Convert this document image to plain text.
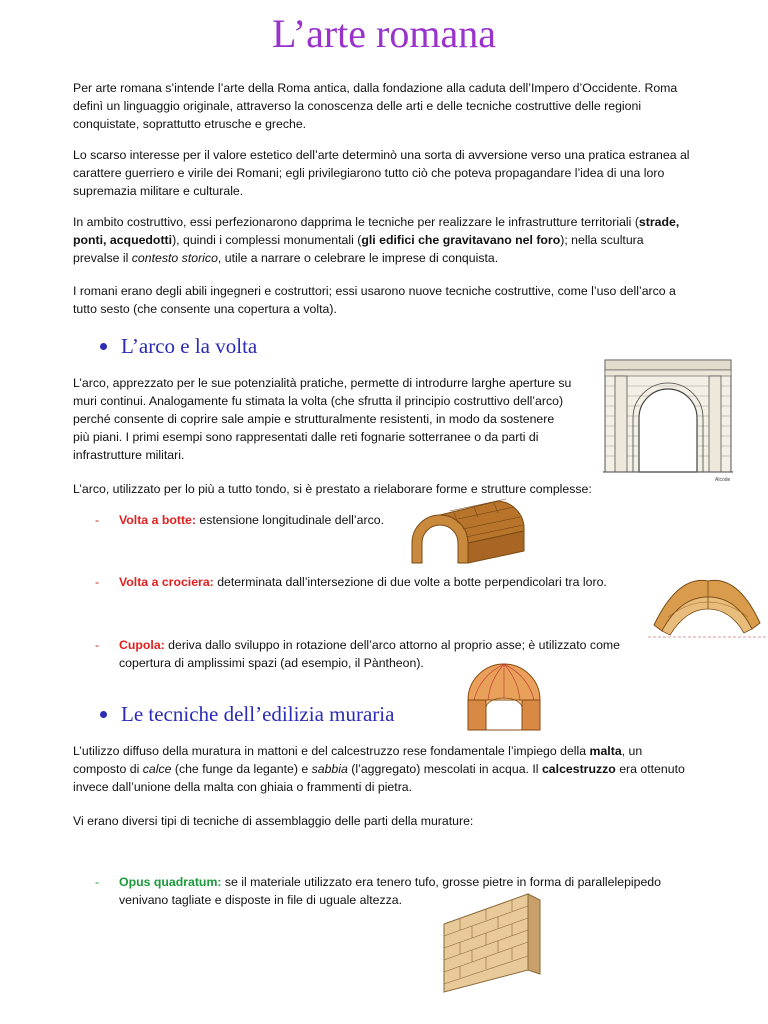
L’arte romana

Per arte romana s’intende l’arte della Roma antica, dalla fondazione alla caduta dell’Impero d’Occidente. Roma definì un linguaggio originale, attraverso la conoscenza delle arti e delle tecniche costruttive delle regioni conquistate, soprattutto etrusche e greche.

Lo scarso interesse per il valore estetico dell’arte determinò una sorta di avversione verso una pratica estranea al carattere guerriero e virile dei Romani; egli privilegiarono tutto ciò che poteva propagandare l’idea di una loro supremazia militare e culturale.

In ambito costruttivo, essi perfezionarono dapprima le tecniche per realizzare le infrastrutture territoriali (strade, ponti, acquedotti), quindi i complessi monumentali (gli edifici che gravitavano nel foro); nella scultura prevalse il contesto storico, utile a narrare o celebrare le imprese di conquista.

I romani erano degli abili ingegneri e costruttori; essi usarono nuove tecniche costruttive, come l’uso dell’arco a tutto sesto (che consente una copertura a volta).

L’arco e la volta

L’arco, apprezzato per le sue potenzialità pratiche, permette di introdurre larghe aperture su muri continui. Analogamente fu stimata la volta (che sfrutta il principio costruttivo dell’arco) perché consente di coprire sale ampie e strutturalmente resistenti, in modo da sostenere più piani. I primi esempi sono rappresentati dalle reti fognarie sotterranee o da parti di infrastrutture militari.

L’arco, utilizzato per lo più a tutto tondo, si è prestato a rielaborare forme e strutture complesse:

-	Volta a botte: estensione longitudinale dell’arco.
-	Volta a crociera: determinata dall’intersezione di due volte a botte perpendicolari tra loro.
-	Cupola: deriva dallo sviluppo in rotazione dell’arco attorno al proprio asse; è utilizzato come copertura di amplissimi spazi (ad esempio, il Pàntheon).
Le tecniche dell’edilizia muraria

L’utilizzo diffuso della muratura in mattoni e del calcestruzzo rese fondamentale l’impiego della malta, un composto di calce (che funge da legante) e sabbia (l’aggregato) mescolati in acqua. Il calcestruzzo era ottenuto invece dall’unione della malta con ghiaia o frammenti di pietra.

Vi erano diversi tipi di tecniche di assemblaggio delle parti della murature:

-	Opus quadratum: se il materiale utilizzato era tenero tufo, grosse pietre in forma di parallelepipedo venivano tagliate e disposte in file di uguale altezza.
Alcode
